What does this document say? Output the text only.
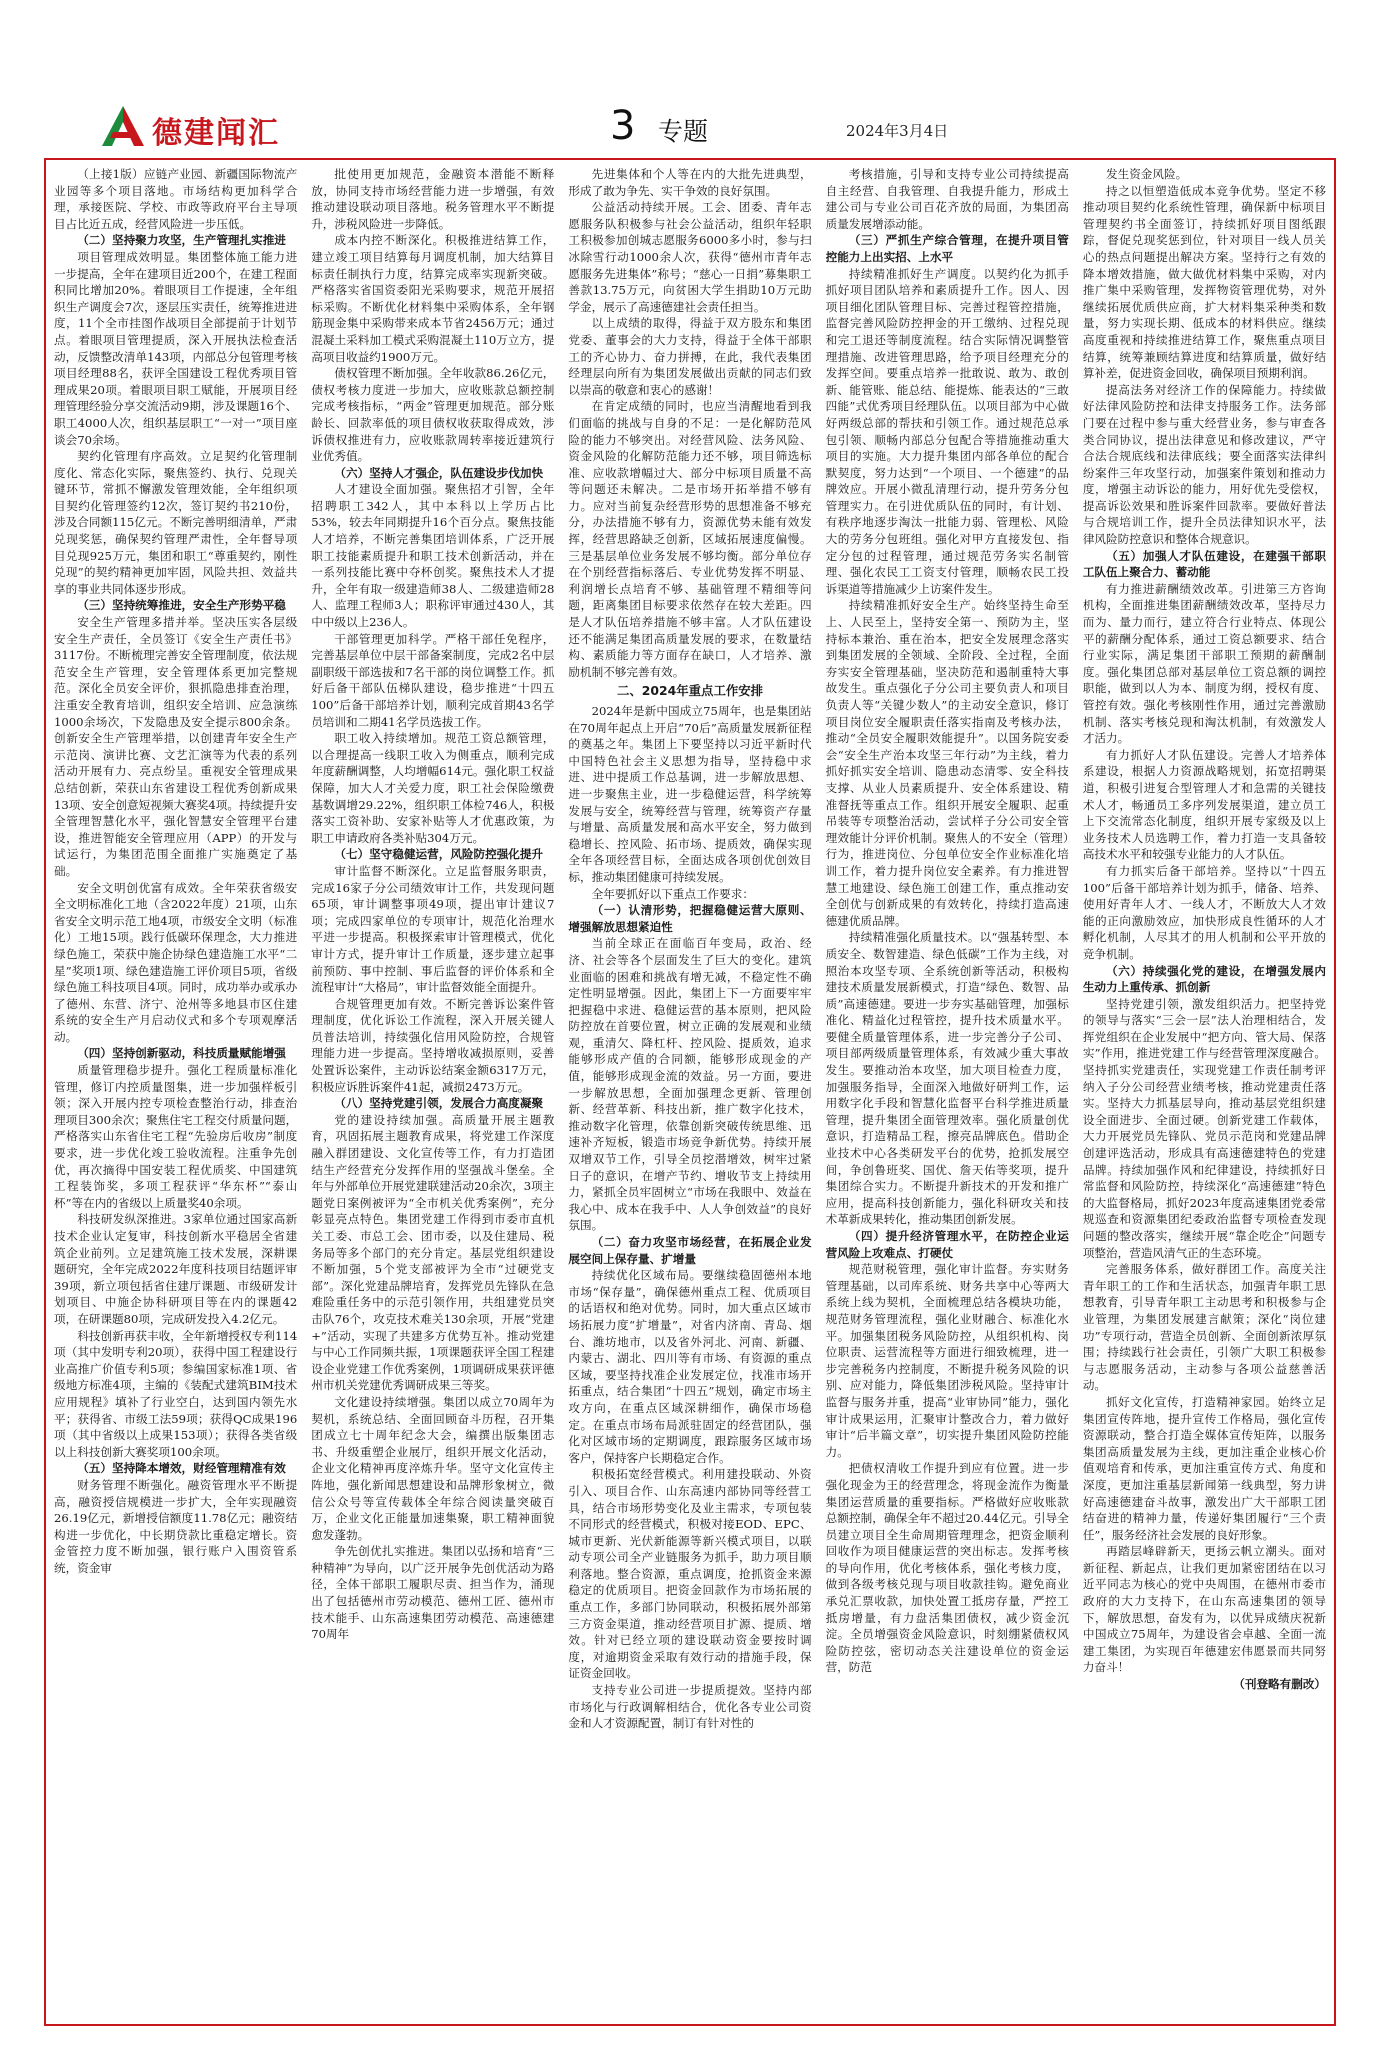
德建闻汇	3 专题	2024年3月4日

（上接1版）应链产业园、新疆国际物流产业园等多个项目落地。市场结构更加科学合理，承接医院、学校、市政等政府平台主导项目占比近五成，经营风险进一步压低。

（二）坚持聚力攻坚，生产管理扎实推进

项目管理成效明显。集团整体施工能力进一步提高，全年在建项目近200个，在建工程面积同比增加20%。着眼项目工作提速，全年组织生产调度会7次，逐层压实责任，统筹推进进度，11个全市挂图作战项目全部提前于计划节点。着眼项目管理提质，深入开展执法检查活动，反馈整改清单143项，内部总分包管理考核项目经理88名，获评全国建设工程优秀项目管理成果20项。着眼项目职工赋能，开展项目经理管理经验分享交流活动9期，涉及课题16个、职工4000人次，组织基层职工“一对一”项目座谈会70余场。

契约化管理有序高效。立足契约化管理制度化、常态化实际，聚焦签约、执行、兑现关键环节，常抓不懈激发管理效能，全年组织项目契约化管理签约12次，签订契约书210份，涉及合同额115亿元。不断完善明细清单，严肃兑现奖惩，确保契约管理严肃性，全年督导项目兑现925万元，集团和职工“尊重契约，刚性兑现”的契约精神更加牢固，风险共担、效益共享的事业共同体逐步形成。

（三）坚持统筹推进，安全生产形势平稳

安全生产管理多措并举。坚决压实各层级安全生产责任，全员签订《安全生产责任书》3117份。不断梳理完善安全管理制度，依法规范安全生产管理，安全管理体系更加完整规范。深化全员安全评价，狠抓隐患排查治理，注重安全教育培训，组织安全培训、应急演练1000余场次，下发隐患及安全提示800余条。创新安全生产管理举措，以创建青年安全生产示范岗、演讲比赛、文艺汇演等为代表的系列活动开展有力、亮点纷呈。重视安全管理成果总结创新，荣获山东省建设工程优秀创新成果13项、安全创意短视频大赛奖4项。持续提升安全管理智慧化水平，强化智慧安全管理平台建设，推进智能安全管理应用（APP）的开发与试运行，为集团范围全面推广实施奠定了基础。

安全文明创优富有成效。全年荣获省级安全文明标准化工地（含2022年度）21项，山东省安全文明示范工地4项，市级安全文明（标准化）工地15项。践行低碳环保理念，大力推进绿色施工，荣获中施企协绿色建造施工水平“二星”奖项1项、绿色建造施工评价项目5项，省级绿色施工科技项目4项。同时，成功举办或承办了德州、东营、济宁、沧州等多地县市区住建系统的安全生产月启动仪式和多个专项观摩活动。

（四）坚持创新驱动，科技质量赋能增强

质量管理稳步提升。强化工程质量标准化管理，修订内控质量图集，进一步加强样板引领；深入开展内控专项检查整治行动，排查治理项目300余次；聚焦住宅工程交付质量问题，严格落实山东省住宅工程“先验房后收房”制度要求，进一步优化竣工验收流程。注重争先创优，再次摘得中国安装工程优质奖、中国建筑工程装饰奖，多项工程获评“华东杯”“泰山杯”等在内的省级以上质量奖40余项。

科技研发纵深推进。3家单位通过国家高新技术企业认定复审，科技创新水平稳居全省建筑企业前列。立足建筑施工技术发展，深耕课题研究，全年完成2022年度科技项目结题评审39项，新立项包括省住建厅课题、市级研发计划项目、中施企协科研项目等在内的课题42项，在研课题80项，完成研发投入4.2亿元。

科技创新再获丰收，全年新增授权专利114项（其中发明专利20项），获得中国工程建设行业高推广价值专利5项；参编国家标准1项、省级地方标准4项，主编的《装配式建筑BIM技术应用规程》填补了行业空白，达到国内领先水平；获得省、市级工法59项；获得QC成果196项（其中省级以上成果153项）；获得各类省级以上科技创新大赛奖项100余项。

（五）坚持降本增效，财经管理精准有效

财务管理不断强化。融资管理水平不断提高，融资授信规模进一步扩大，全年实现融资26.19亿元，新增授信额度11.78亿元；融资结构进一步优化，中长期贷款比重稳定增长。资金管控力度不断加强，银行账户入围资管系统，资金审

批使用更加规范，金融资本潜能不断释放，协同支持市场经营能力进一步增强，有效推动建设联动项目落地。税务管理水平不断提升，涉税风险进一步降低。

成本内控不断深化。积极推进结算工作，建立竣工项目结算每月调度机制，加大结算目标责任制执行力度，结算完成率实现新突破。严格落实省国资委阳光采购要求，规范开展招标采购。不断优化材料集中采购体系，全年钢筋现金集中采购带来成本节省2456万元；通过混凝土采料加工模式采购混凝土110万立方，提高项目收益约1900万元。

债权管理不断加强。全年收款86.26亿元，债权考核力度进一步加大，应收账款总额控制完成考核指标，“两金”管理更加规范。部分账龄长、回款率低的项目债权收获取得成效，涉诉债权推进有力，应收账款周转率接近建筑行业优秀值。

（六）坚持人才强企，队伍建设步伐加快

人才建设全面加强。聚焦招才引智，全年招聘职工342人，其中本科以上学历占比53%，较去年同期提升16个百分点。聚焦技能人才培养，不断完善集团培训体系，广泛开展职工技能素质提升和职工技术创新活动，并在一系列技能比赛中夺杯创奖。聚焦技术人才提升，全年有取一级建造师38人、二级建造师28人、监理工程师3人；职称评审通过430人，其中中级以上236人。

干部管理更加科学。严格干部任免程序，完善基层单位中层干部备案制度，完成2名中层副职级干部选拔和7名干部的岗位调整工作。抓好后备干部队伍梯队建设，稳步推进“十四五100”后备干部培养计划，顺利完成首期43名学员培训和二期41名学员选拔工作。

职工收入持续增加。规范工资总额管理，以合理提高一线职工收入为侧重点，顺利完成年度薪酬调整，人均增幅614元。强化职工权益保障，加大人才关爱力度，职工社会保险缴费基数调增29.22%，组织职工体检746人，积极落实工资补助、安家补贴等人才优惠政策，为职工申请政府各类补贴304万元。

（七）坚守稳健运营，风险防控强化提升

审计监督不断深化。立足监督服务职责，完成16家子分公司绩效审计工作，共发现问题65项，审计调整事项49项，提出审计建议7项；完成四家单位的专项审计，规范化治理水平进一步提高。积极探索审计管理模式，优化审计方式，提升审计工作质量，逐步建立起事前预防、事中控制、事后监督的评价体系和全流程审计“大格局”，审计监督效能全面提升。

合规管理更加有效。不断完善诉讼案件管理制度，优化诉讼工作流程，深入开展关键人员普法培训，持续强化信用风险防控，合规管理能力进一步提高。坚持增收减损原则，妥善处置诉讼案件，主动诉讼结案金额6317万元，积极应诉胜诉案件41起，减损2473万元。

（八）坚持党建引领，发展合力高度凝聚

党的建设持续加强。高质量开展主题教育，巩固拓展主题教育成果，将党建工作深度融入群团建设、文化宣传等工作，有力打造团结生产经营充分发挥作用的坚强战斗堡垒。全年与外部单位开展党建联建活动20余次，3项主题党日案例被评为“全市机关优秀案例”，充分彰显亮点特色。集团党建工作得到市委市直机关工委、市总工会、团市委，以及住建局、税务局等多个部门的充分肯定。基层党组织建设不断加强，5个党支部被评为全市“过硬党支部”。深化党建品牌培育，发挥党员先锋队在急难险重任务中的示范引领作用，共组建党员突击队76个，攻克技术难关130余项，开展“党建+”活动，实现了共建多方优势互补。推动党建与中心工作同频共振，1项课题获评全国工程建设企业党建工作优秀案例，1项调研成果获评德州市机关党建优秀调研成果三等奖。

文化建设持续增强。集团以成立70周年为契机，系统总结、全面回顾奋斗历程，召开集团成立七十周年纪念大会，编撰出版集团志书、升级重塑企业展厅，组织开展文化活动，企业文化精神再度淬炼升华。坚守文化宣传主阵地，强化新闻思想建设和品牌形象树立，微信公众号等宣传载体全年综合阅读量突破百万，企业文化正能量加速集聚，职工精神面貌愈发蓬勃。

争先创优扎实推进。集团以弘扬和培育“三种精神”为导向，以广泛开展争先创优活动为路径，全体干部职工履职尽责、担当作为，涌现出了包括德州市劳动模范、德州工匠、德州市技术能手、山东高速集团劳动模范、高速德建70周年

先进集体和个人等在内的大批先进典型，形成了敢为争先、实干争效的良好氛围。

公益活动持续开展。工会、团委、青年志愿服务队积极参与社会公益活动，组织年轻职工积极参加创城志愿服务6000多小时，参与扫冰除雪行动1000余人次，获得“德州市青年志愿服务先进集体”称号；“慈心一日捐”募集职工善款13.75万元，向贫困大学生捐助10万元助学金，展示了高速德建社会责任担当。

以上成绩的取得，得益于双方股东和集团党委、董事会的大力支持，得益于全体干部职工的齐心协力、奋力拼搏，在此，我代表集团经理层向所有为集团发展做出贡献的同志们致以崇高的敬意和衷心的感谢！

在肯定成绩的同时，也应当清醒地看到我们面临的挑战与自身的不足：一是化解防范风险的能力不够突出。对经营风险、法务风险、资金风险的化解防范能力还不够，项目筛选标准、应收款增幅过大、部分中标项目质量不高等问题还未解决。二是市场开拓举措不够有力。应对当前复杂经营形势的思想准备不够充分，办法措施不够有力，资源优势未能有效发挥，经营思路缺乏创新，区域拓展速度偏慢。三是基层单位业务发展不够均衡。部分单位存在个别经营指标落后、专业优势发挥不明显、利润增长点培育不够、基础管理不精细等问题，距离集团目标要求依然存在较大差距。四是人才队伍培养措施不够丰富。人才队伍建设还不能满足集团高质量发展的要求，在数量结构、素质能力等方面存在缺口，人才培养、激励机制不够完善有效。

二、2024年重点工作安排

2024年是新中国成立75周年，也是集团站在70周年起点上开启“70后”高质量发展新征程的奠基之年。集团上下要坚持以习近平新时代中国特色社会主义思想为指导，坚持稳中求进、进中提质工作总基调，进一步解放思想、进一步聚焦主业，进一步稳健运营，科学统筹发展与安全，统筹经营与管理，统筹资产存量与增量、高质量发展和高水平安全，努力做到稳增长、控风险、拓市场、提质效，确保实现全年各项经营目标，全面达成各项创优创效目标，推动集团健康可持续发展。

全年要抓好以下重点工作要求：

（一）认清形势，把握稳健运营大原则、增强解放思想紧迫性

当前全球正在面临百年变局，政治、经济、社会等各个层面发生了巨大的变化。建筑业面临的困难和挑战有增无减，不稳定性不确定性明显增强。因此，集团上下一方面要牢牢把握稳中求进、稳健运营的基本原则，把风险防控放在首要位置，树立正确的发展观和业绩观，重清欠、降杠杆、控风险、提质效，追求能够形成产值的合同额，能够形成现金的产值，能够形成现金流的效益。另一方面，要进一步解放思想，全面加强理念更新、管理创新、经营革新、科技出新，推广数字化技术，推动数字化管理，依靠创新突破传统思维、迅速补齐短板，锻造市场竞争新优势。持续开展双增双节工作，引导全员挖潜增效，树牢过紧日子的意识，在增产节约、增收节支上持续用力，紧抓全员牢固树立“市场在我眼中、效益在我心中、成本在我手中、人人争创效益”的良好氛围。

（二）奋力攻坚市场经营，在拓展企业发展空间上保存量、扩增量

持续优化区域布局。要继续稳固德州本地市场“保存量”，确保德州重点工程、优质项目的话语权和绝对优势。同时，加大重点区域市场拓展力度“扩增量”，对省内济南、青岛、烟台、潍坊地市，以及省外河北、河南、新疆、内蒙古、湖北、四川等有市场、有资源的重点区域，要坚持找准企业发展定位，找准市场开拓重点，结合集团“十四五”规划，确定市场主攻方向，在重点区域深耕细作，确保市场稳定。在重点市场布局派驻固定的经营团队，强化对区域市场的定期调度，跟踪服务区域市场客户，保持客户长期稳定合作。

积极拓宽经营模式。利用建投联动、外资引入、项目合作、山东高速内部协同等经营工具，结合市场形势变化及业主需求，专项包装不同形式的经营模式，积极对接EOD、EPC、城市更新、光伏新能源等新兴模式项目，以联动专项公司全产业链服务为抓手，助力项目顺利落地。整合资源，重点调度，抢抓资金来源稳定的优质项目。把资金回款作为市场拓展的重点工作，多部门协同联动，积极拓展外部第三方资金渠道，推动经营项目扩源、提质、增效。针对已经立项的建设联动资金要按时调度，对逾期资金采取有效行动的措施手段，保证资金回收。

支持专业公司进一步提质提效。坚持内部市场化与行政调解相结合，优化各专业公司资金和人才资源配置，制订有针对性的

考核措施，引导和支持专业公司持续提高自主经营、自我管理、自我提升能力，形成土建公司与专业公司百花齐放的局面，为集团高质量发展增添动能。

（三）严抓生产综合管理，在提升项目管控能力上出实招、上水平

持续精准抓好生产调度。以契约化为抓手抓好项目团队培养和素质提升工作。因人、因项目细化团队管理目标、完善过程管控措施，监督完善风险防控押金的开工缴纳、过程兑现和完工退还等制度流程。结合实际情况调整管理措施、改进管理思路，给予项目经理充分的发挥空间。要重点培养一批敢说、敢为、敢创新、能管账、能总结、能提炼、能表达的“三敢四能”式优秀项目经理队伍。以项目部为中心做好两级总部的帮扶和引领工作。通过规范总承包引领、顺畅内部总分包配合等措施推动重大项目的实施。大力提升集团内部各单位的配合默契度，努力达到“一个项目、一个德建”的品牌效应。开展小微乱清理行动，提升劳务分包管理实力。在引进优质队伍的同时，有计划、有秩序地逐步淘汰一批能力弱、管理松、风险大的劳务分包班组。强化对甲方直接发包、指定分包的过程管理，通过规范劳务实名制管理、强化农民工工资支付管理，顺畅农民工投诉渠道等措施减少上访案件发生。

持续精准抓好安全生产。始终坚持生命至上、人民至上，坚持安全第一、预防为主，坚持标本兼治、重在治本，把安全发展理念落实到集团发展的全领域、全阶段、全过程，全面夯实安全管理基础，坚决防范和遏制重特大事故发生。重点强化子分公司主要负责人和项目负责人等“关键少数人”的主动安全意识，修订项目岗位安全履职责任落实指南及考核办法，推动“全员安全履职效能提升”。以国务院安委会“安全生产治本攻坚三年行动”为主线，着力抓好抓实安全培训、隐患动态清零、安全科技支撑、从业人员素质提升、安全体系建设、精准督抚等重点工作。组织开展安全履职、起重吊装等专项整治活动，尝试样子分公司安全管理效能计分评价机制。聚焦人的不安全（管理）行为，推进岗位、分包单位安全作业标准化培训工作，着力提升岗位安全素养。有力推进智慧工地建设、绿色施工创建工作，重点推动安全创优与创新成果的有效转化，持续打造高速德建优质品牌。

持续精准强化质量技术。以“强基转型、本质安全、数智建造、绿色低碳”工作为主线，对照治本攻坚专项、全系统创新等活动，积极构建技术质量发展新模式，打造“绿色、数智、品质”高速德建。要进一步夯实基础管理，加强标准化、精益化过程管控，提升技术质量水平。要健全质量管理体系，进一步完善分子公司、项目部两级质量管理体系，有效减少重大事故发生。要推动治本攻坚，加大项目检查力度，加强服务指导，全面深入地做好研判工作，运用数字化手段和智慧化监督平台科学推进质量管理，提升集团全面管理效率。强化质量创优意识，打造精品工程，擦亮品牌底色。借助企业技术中心各类研发平台的优势，抢抓发展空间，争创鲁班奖、国优、詹天佑等奖项，提升集团综合实力。不断提升新技术的开发和推广应用，提高科技创新能力，强化科研攻关和技术革新成果转化，推动集团创新发展。

（四）提升经济管理水平，在防控企业运营风险上攻难点、打硬仗

规范财税管理，强化审计监督。夯实财务管理基础，以司库系统、财务共享中心等两大系统上线为契机，全面梳理总结各模块功能，规范财务管理流程，强化业财融合、标准化水平。加强集团税务风险防控，从组织机构、岗位职责、运营流程等方面进行细致梳理，进一步完善税务内控制度，不断提升税务风险的识别、应对能力，降低集团涉税风险。坚持审计监督与服务并重，提高“业审协同”能力，强化审计成果运用，汇聚审计整改合力，着力做好审计“后半篇文章”，切实提升集团风险防控能力。

把债权清收工作提升到应有位置。进一步强化现金为王的经营理念，将现金流作为衡量集团运营质量的重要指标。严格做好应收账款总额控制，确保全年不超过20.44亿元。引导全员建立项目全生命周期管理理念，把资金顺利回收作为项目健康运营的突出标志。发挥考核的导向作用，优化考核体系，强化考核力度，做到各级考核兑现与项目收款挂钩。避免商业承兑汇票收款，加快处置工抵房存量，严控工抵房增量，有力盘活集团债权，减少资金沉淀。全员增强资金风险意识，时刻绷紧债权风险防控弦，密切动态关注建设单位的资金运营，防范

发生资金风险。

持之以恒塑造低成本竞争优势。坚定不移推动项目契约化系统性管理，确保新中标项目管理契约书全面签订，持续抓好项目图纸跟踪，督促兑现奖惩到位，针对项目一线人员关心的热点问题提出解决方案。坚持行之有效的降本增效措施，做大做优材料集中采购，对内推广集中采购管理，发挥物资管理优势，对外继续拓展优质供应商，扩大材料集采种类和数量，努力实现长期、低成本的材料供应。继续高度重视和持续推进结算工作，聚焦重点项目结算，统筹兼顾结算进度和结算质量，做好结算补差，促进资金回收，确保项目预期利润。

提高法务对经济工作的保障能力。持续做好法律风险防控和法律支持服务工作。法务部门要在过程中参与重大经营业务，参与审查各类合同协议，提出法律意见和修改建议，严守合法合规底线和法律底线；要全面落实法律纠纷案件三年攻坚行动，加强案件策划和推动力度，增强主动诉讼的能力，用好优先受偿权，提高诉讼效果和胜诉案件回款率。要做好普法与合规培训工作，提升全员法律知识水平，法律风险防控意识和整体合规意识。

（五）加强人才队伍建设，在建强干部职工队伍上聚合力、蓄动能

有力推进薪酬绩效改革。引进第三方咨询机构，全面推进集团薪酬绩效改革，坚持尽力而为、量力而行，建立符合行业特点、体现公平的薪酬分配体系，通过工资总额要求、结合行业实际，满足集团干部职工预期的薪酬制度。强化集团总部对基层单位工资总额的调控职能，做到以人为本、制度为纲，授权有度、管控有效。强化考核刚性作用，通过完善激励机制、落实考核兑现和淘汰机制，有效激发人才活力。

有力抓好人才队伍建设。完善人才培养体系建设，根据人力资源战略规划，拓宽招聘渠道，积极引进复合型管理人才和急需的关键技术人才，畅通员工多序列发展渠道，建立员工上下交流常态化制度，组织开展专家级及以上业务技术人员选聘工作，着力打造一支具备较高技术水平和较强专业能力的人才队伍。

有力抓实后备干部培养。坚持以“十四五100”后备干部培养计划为抓手，储备、培养、使用好青年人才、一线人才，不断放大人才效能的正向激励效应，加快形成良性循环的人才孵化机制，人尽其才的用人机制和公平开放的竞争机制。

（六）持续强化党的建设，在增强发展内生动力上重传承、抓创新

坚持党建引领，激发组织活力。把坚持党的领导与落实“三会一层”法人治理相结合，发挥党组织在企业发展中“把方向、管大局、保落实”作用，推进党建工作与经营管理深度融合。坚持抓实党建责任，实现党建工作责任制考评纳入子分公司经营业绩考核，推动党建责任落实。坚持大力抓基层导向，推动基层党组织建设全面进步、全面过硬。创新党建工作载体，大力开展党员先锋队、党员示范岗和党建品牌创建评选活动，形成具有高速德建特色的党建品牌。持续加强作风和纪律建设，持续抓好日常监督和风险防控，持续深化“高速德建”特色的大监督格局，抓好2023年度高速集团党委常规巡查和资源集团纪委政治监督专项检查发现问题的整改落实，继续开展“靠企吃企”问题专项整治，营造风清气正的生态环境。

完善服务体系，做好群团工作。高度关注青年职工的工作和生活状态，加强青年职工思想教育，引导青年职工主动思考和积极参与企业管理，为集团发展建言献策；深化“岗位建功”专项行动，营造全员创新、全面创新浓厚氛围；持续践行社会责任，引领广大职工积极参与志愿服务活动，主动参与各项公益慈善活动。

抓好文化宣传，打造精神家园。始终立足集团宣传阵地，提升宣传工作格局，强化宣传资源联动，整合打造全媒体宣传矩阵，以服务集团高质量发展为主线，更加注重企业核心价值观培育和传承，更加注重宣传方式、角度和深度，更加注重基层新闻第一线典型，努力讲好高速德建奋斗故事，激发出广大干部职工团结奋进的精神力量，传递好集团履行“三个责任”，服务经济社会发展的良好形象。

再踏层峰辟新天，更扬云帆立潮头。面对新征程、新起点，让我们更加紧密团结在以习近平同志为核心的党中央周围，在德州市委市政府的大力支持下，在山东高速集团的领导下，解放思想，奋发有为，以优异成绩庆祝新中国成立75周年，为建设省会卓越、全面一流建工集团，为实现百年德建宏伟愿景而共同努力奋斗！

（刊登略有删改）
